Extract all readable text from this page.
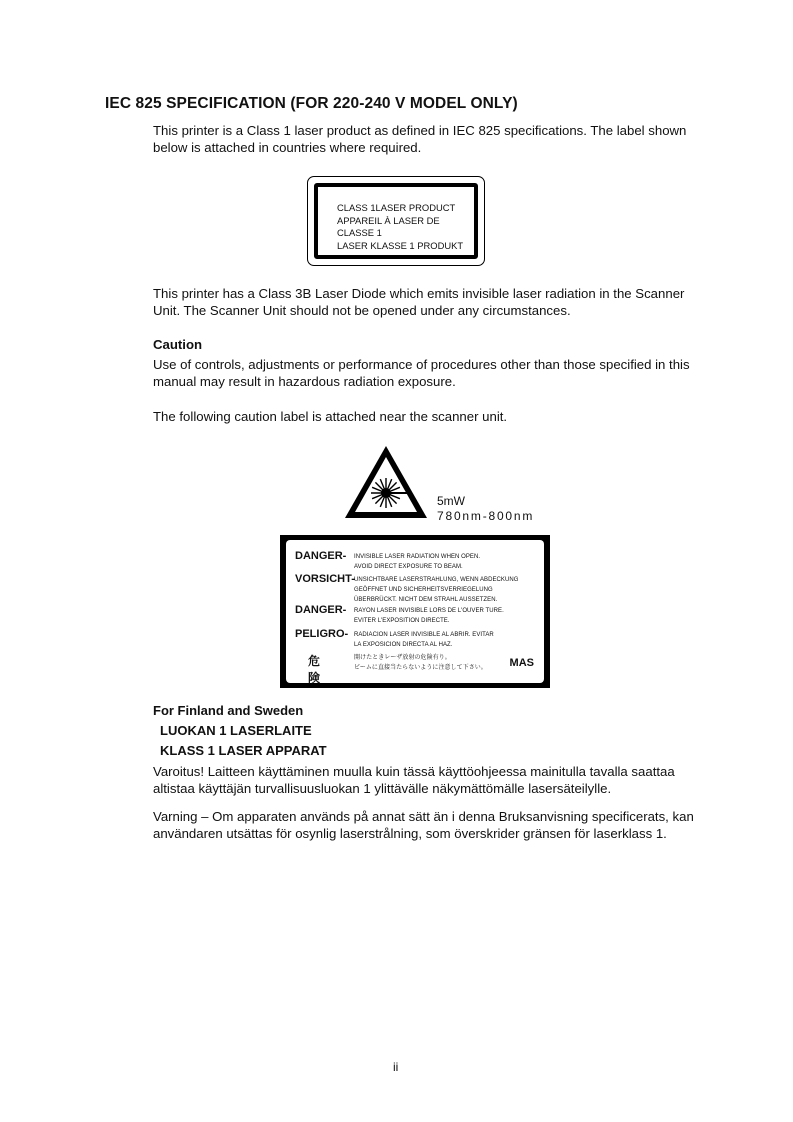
IEC 825 SPECIFICATION (FOR 220-240 V MODEL ONLY)
This printer is a Class 1 laser product as defined in IEC 825 specifications. The label shown below is attached in countries where required.
CLASS 1LASER PRODUCT
APPAREIL À LASER DE CLASSE 1
LASER KLASSE 1 PRODUKT
This printer has a Class 3B Laser Diode which emits invisible laser radiation in the Scanner Unit. The Scanner Unit should not be opened under any circumstances.
Caution
Use of controls, adjustments or performance of procedures other than those specified in this manual may result in hazardous radiation exposure.
The following caution label is attached near the scanner unit.
5mW
780nm-800nm
DANGER- INVISIBLE LASER RADIATION WHEN OPEN.
AVOID DIRECT EXPOSURE TO BEAM.
VORSICHT- UNSICHTBARE LASERSTRAHLUNG, WENN ABDECKUNG
GEÖFFNET UND SICHERHEITSVERRIEGELUNG
ÜBERBRÜCKT. NICHT DEM STRAHL AUSSETZEN.
DANGER- RAYON LASER INVISIBLE LORS DE L'OUVER TURE.
EVITER L'EXPOSITION DIRECTE.
PELIGRO- RADIACION LASER INVISIBLE AL ABRIR. EVITAR
LA EXPOSICION DIRECTA AL HAZ.
危 険
開けたときレーザ放射の危険有り。
ビームに直接当たらないように注意して下さい。 MAS
For Finland and Sweden
LUOKAN 1 LASERLAITE
KLASS 1 LASER APPARAT
Varoitus! Laitteen käyttäminen muulla kuin tässä käyttöohjeessa mainitulla tavalla saattaa altistaa käyttäjän turvallisuusluokan 1 ylittävälle näkymättömälle lasersäteilylle.
Varning – Om apparaten används på annat sätt än i denna Bruksanvisning specificerats, kan användaren utsättas för osynlig laserstrålning, som överskrider gränsen för laserklass 1.
ii
